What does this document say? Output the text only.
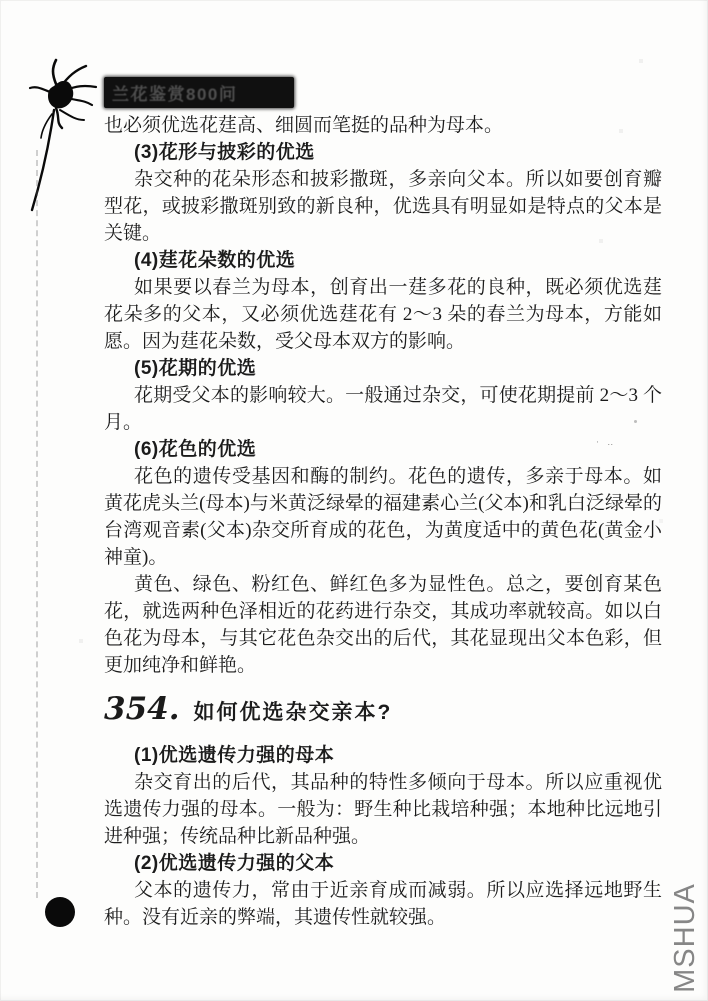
兰花鉴赏800问

也必须优选花莛高、细圆而笔挺的品种为母本。

(3)花形与披彩的优选

杂交种的花朵形态和披彩撒斑，多亲向父本。所以如要创育瓣型花，或披彩撒斑别致的新良种，优选具有明显如是特点的父本是关键。

(4)莛花朵数的优选

如果要以春兰为母本，创育出一莛多花的良种，既必须优选莛花朵多的父本，又必须优选莛花有 2～3 朵的春兰为母本，方能如愿。因为莛花朵数，受父母本双方的影响。

(5)花期的优选

花期受父本的影响较大。一般通过杂交，可使花期提前 2～3 个月。

(6)花色的优选

花色的遗传受基因和酶的制约。花色的遗传，多亲于母本。如黄花虎头兰(母本)与米黄泛绿晕的福建素心兰(父本)和乳白泛绿晕的台湾观音素(父本)杂交所育成的花色，为黄度适中的黄色花(黄金小神童)。

黄色、绿色、粉红色、鲜红色多为显性色。总之，要创育某色花，就选两种色泽相近的花药进行杂交，其成功率就较高。如以白色花为母本，与其它花色杂交出的后代，其花显现出父本色彩，但更加纯净和鲜艳。

354. 如何优选杂交亲本?
(1)优选遗传力强的母本

杂交育出的后代，其品种的特性多倾向于母本。所以应重视优选遗传力强的母本。一般为：野生种比栽培种强；本地种比远地引进种强；传统品种比新品种强。

(2)优选遗传力强的父本

父本的遗传力，常由于近亲育成而减弱。所以应选择远地野生种。没有近亲的弊端，其遗传性就较强。	MSHUA
· ‥
